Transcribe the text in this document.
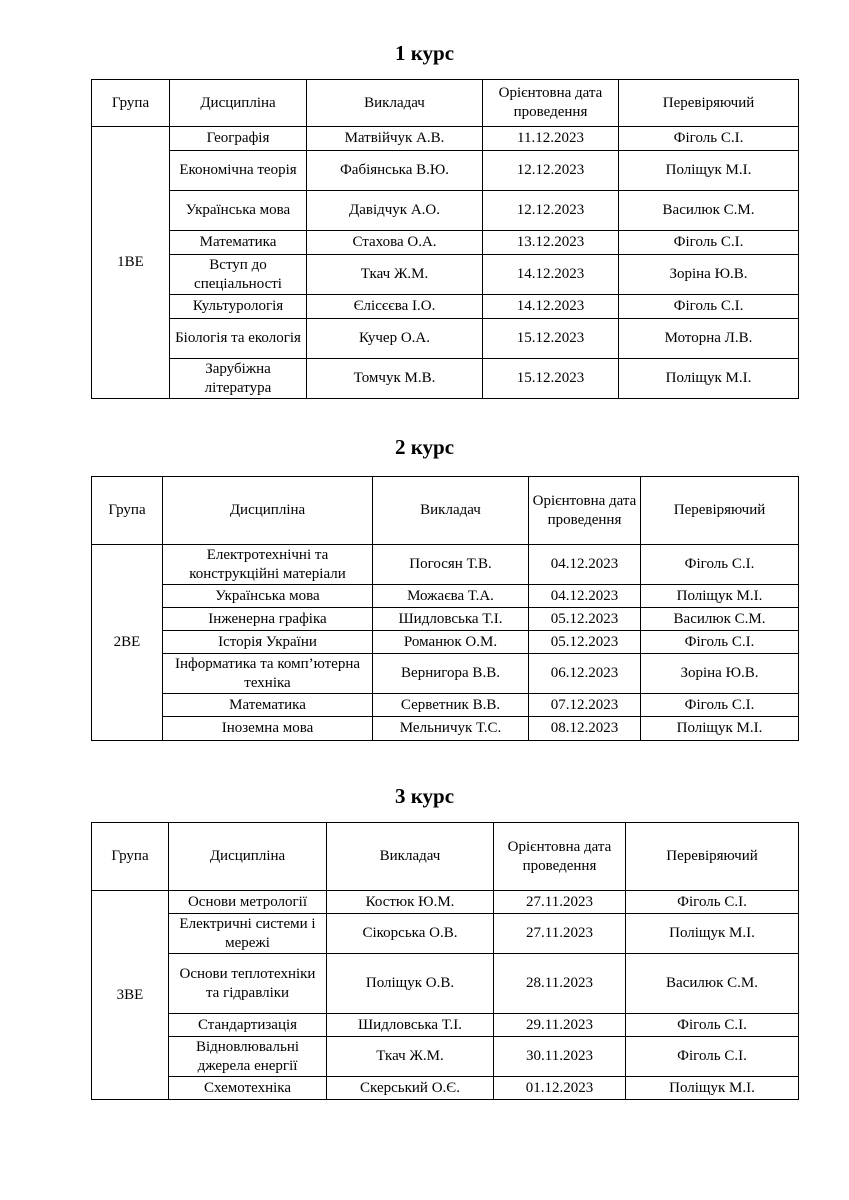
1 курс
Група	Дисципліна	Викладач	Орієнтовна дата проведення	Перевіряючий
1ВЕ	Географія	Матвійчук А.В.	11.12.2023	Фіголь С.І.
	Економічна теорія	Фабіянська В.Ю.	12.12.2023	Поліщук М.І.
	Українська мова	Давідчук А.О.	12.12.2023	Василюк С.М.
	Математика	Стахова О.А.	13.12.2023	Фіголь С.І.
	Вступ до спеціальності	Ткач Ж.М.	14.12.2023	Зоріна Ю.В.
	Культурологія	Єлісєєва І.О.	14.12.2023	Фіголь С.І.
	Біологія та екологія	Кучер О.А.	15.12.2023	Моторна Л.В.
	Зарубіжна література	Томчук М.В.	15.12.2023	Поліщук М.І.
2 курс
Група	Дисципліна	Викладач	Орієнтовна дата проведення	Перевіряючий
2ВЕ	Електротехнічні та конструкційні матеріали	Погосян Т.В.	04.12.2023	Фіголь С.І.
	Українська мова	Можаєва Т.А.	04.12.2023	Поліщук М.І.
	Інженерна графіка	Шидловська Т.І.	05.12.2023	Василюк С.М.
	Історія України	Романюк О.М.	05.12.2023	Фіголь С.І.
	Інформатика та комп’ютерна техніка	Вернигора В.В.	06.12.2023	Зоріна Ю.В.
	Математика	Серветник В.В.	07.12.2023	Фіголь С.І.
	Іноземна мова	Мельничук Т.С.	08.12.2023	Поліщук М.І.
3 курс
Група	Дисципліна	Викладач	Орієнтовна дата проведення	Перевіряючий
3ВЕ	Основи метрології	Костюк Ю.М.	27.11.2023	Фіголь С.І.
	Електричні системи і мережі	Сікорська О.В.	27.11.2023	Поліщук М.І.
	Основи теплотехніки та гідравліки	Поліщук О.В.	28.11.2023	Василюк С.М.
	Стандартизація	Шидловська Т.І.	29.11.2023	Фіголь С.І.
	Відновлювальні джерела енергії	Ткач Ж.М.	30.11.2023	Фіголь С.І.
	Схемотехніка	Скерський О.Є.	01.12.2023	Поліщук М.І.
